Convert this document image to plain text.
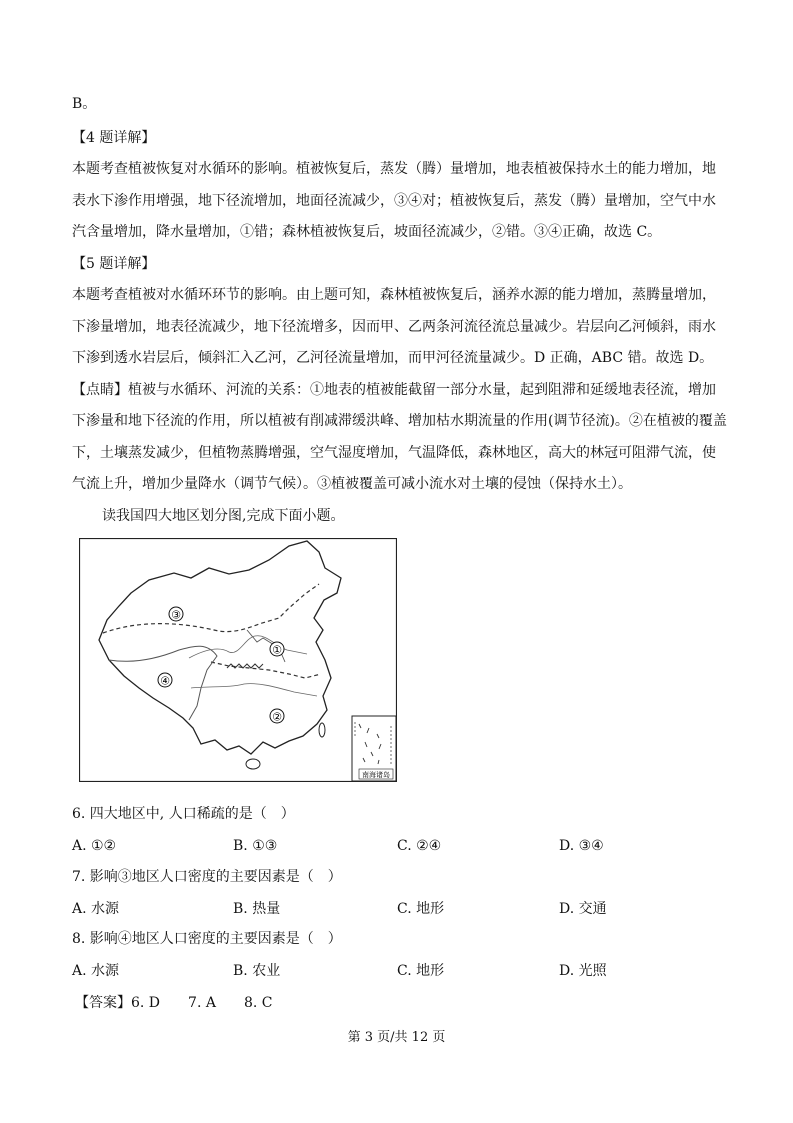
B。
【4 题详解】
本题考查植被恢复对水循环的影响。植被恢复后，蒸发（腾）量增加，地表植被保持水土的能力增加，地
表水下渗作用增强，地下径流增加，地面径流减少，③④对；植被恢复后，蒸发（腾）量增加，空气中水
汽含量增加，降水量增加，①错；森林植被恢复后，坡面径流减少，②错。③④正确，故选 C。
【5 题详解】
本题考查植被对水循环环节的影响。由上题可知，森林植被恢复后，涵养水源的能力增加，蒸腾量增加，
下渗量增加，地表径流减少，地下径流增多，因而甲、乙两条河流径流总量减少。岩层向乙河倾斜，雨水
下渗到透水岩层后，倾斜汇入乙河，乙河径流量增加，而甲河径流量减少。D 正确，ABC 错。故选 D。
【点睛】植被与水循环、河流的关系：①地表的植被能截留一部分水量，起到阻滞和延缓地表径流，增加
下渗量和地下径流的作用，所以植被有削减滞缓洪峰、增加枯水期流量的作用(调节径流)。②在植被的覆盖
下，土壤蒸发减少，但植物蒸腾增强，空气湿度增加，气温降低，森林地区，高大的林冠可阻滞气流，使
气流上升，增加少量降水（调节气候）。③植被覆盖可减小流水对土壤的侵蚀（保持水土）。
读我国四大地区划分图,完成下面小题。
③
①
④
②
南海诸岛
6. 四大地区中, 人口稀疏的是（　）
A. ①②	B. ①③	C. ②④	D. ③④
7. 影响③地区人口密度的主要因素是（　）
A. 水源	B. 热量	C. 地形	D. 交通
8. 影响④地区人口密度的主要因素是（　）
A. 水源	B. 农业	C. 地形	D. 光照
【答案】6. D　　7. A　　8. C
第 3 页/共 12 页
